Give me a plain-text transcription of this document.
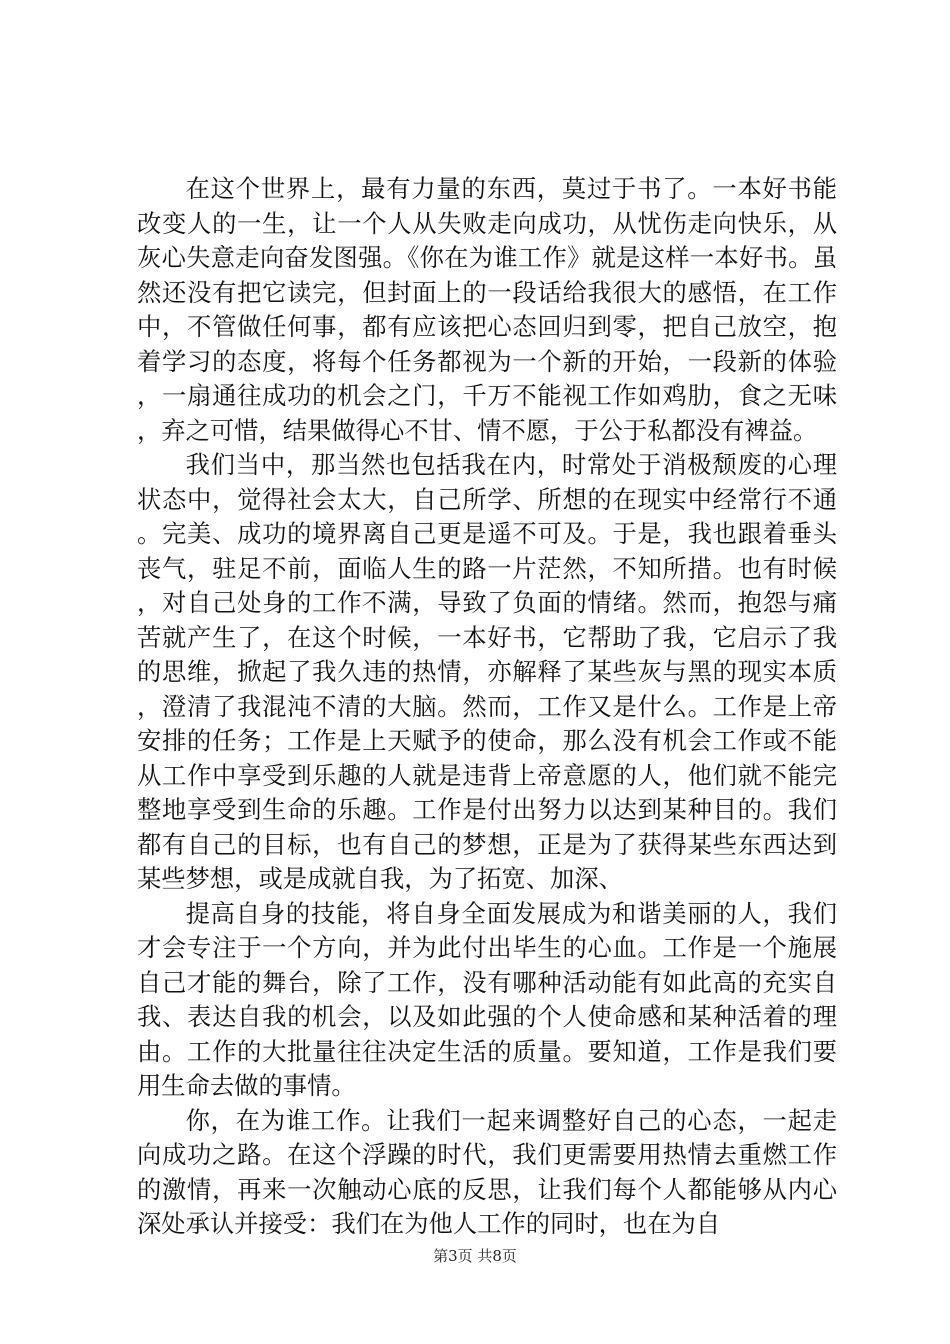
在这个世界上，最有力量的东西，莫过于书了。一本好书能改变人的一生，让一个人从失败走向成功，从忧伤走向快乐，从灰心失意走向奋发图强。《你在为谁工作》就是这样一本好书。虽然还没有把它读完，但封面上的一段话给我很大的感悟，在工作中，不管做任何事，都有应该把心态回归到零，把自己放空，抱着学习的态度，将每个任务都视为一个新的开始，一段新的体验，一扇通往成功的机会之门，千万不能视工作如鸡肋，食之无味，弃之可惜，结果做得心不甘、情不愿，于公于私都没有裨益。

我们当中，那当然也包括我在内，时常处于消极颓废的心理状态中，觉得社会太大，自己所学、所想的在现实中经常行不通。完美、成功的境界离自己更是遥不可及。于是，我也跟着垂头丧气，驻足不前，面临人生的路一片茫然，不知所措。也有时候，对自己处身的工作不满，导致了负面的情绪。然而，抱怨与痛苦就产生了，在这个时候，一本好书，它帮助了我，它启示了我的思维，掀起了我久违的热情，亦解释了某些灰与黑的现实本质，澄清了我混沌不清的大脑。然而，工作又是什么。工作是上帝安排的任务；工作是上天赋予的使命，那么没有机会工作或不能从工作中享受到乐趣的人就是违背上帝意愿的人，他们就不能完整地享受到生命的乐趣。工作是付出努力以达到某种目的。我们都有自己的目标，也有自己的梦想，正是为了获得某些东西达到某些梦想，或是成就自我，为了拓宽、加深、

提高自身的技能，将自身全面发展成为和谐美丽的人，我们才会专注于一个方向，并为此付出毕生的心血。工作是一个施展自己才能的舞台，除了工作，没有哪种活动能有如此高的充实自我、表达自我的机会，以及如此强的个人使命感和某种活着的理由。工作的大批量往往决定生活的质量。要知道，工作是我们要用生命去做的事情。

你，在为谁工作。让我们一起来调整好自己的心态，一起走向成功之路。在这个浮躁的时代，我们更需要用热情去重燃工作的激情，再来一次触动心底的反思，让我们每个人都能够从内心深处承认并接受：我们在为他人工作的同时，也在为自

第3页 共8页
